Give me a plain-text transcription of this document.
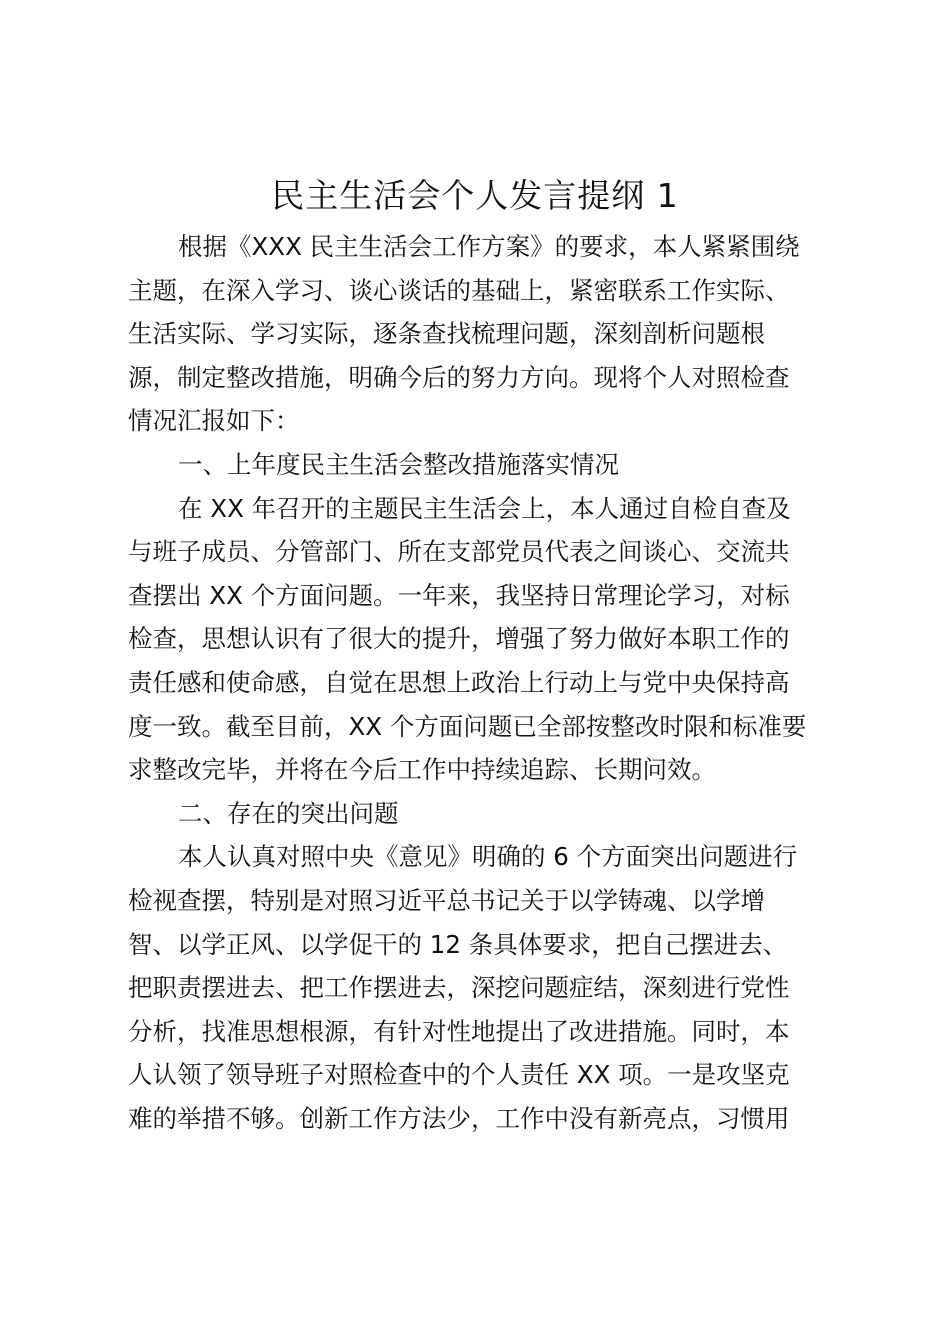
民主生活会个人发言提纲 1
根据《XXX 民主生活会工作方案》的要求，本人紧紧围绕
主题，在深入学习、谈心谈话的基础上，紧密联系工作实际、
生活实际、学习实际，逐条查找梳理问题，深刻剖析问题根
源，制定整改措施，明确今后的努力方向。现将个人对照检查
情况汇报如下：
一、上年度民主生活会整改措施落实情况
在 XX 年召开的主题民主生活会上，本人通过自检自查及
与班子成员、分管部门、所在支部党员代表之间谈心、交流共
查摆出 XX 个方面问题。一年来，我坚持日常理论学习，对标
检查，思想认识有了很大的提升，增强了努力做好本职工作的
责任感和使命感，自觉在思想上政治上行动上与党中央保持高
度一致。截至目前，XX 个方面问题已全部按整改时限和标准要
求整改完毕，并将在今后工作中持续追踪、长期问效。
二、存在的突出问题
本人认真对照中央《意见》明确的 6 个方面突出问题进行
检视查摆，特别是对照习近平总书记关于以学铸魂、以学增
智、以学正风、以学促干的 12 条具体要求，把自己摆进去、
把职责摆进去、把工作摆进去，深挖问题症结，深刻进行党性
分析，找准思想根源，有针对性地提出了改进措施。同时，本
人认领了领导班子对照检查中的个人责任 XX 项。一是攻坚克
难的举措不够。创新工作方法少，工作中没有新亮点，习惯用
